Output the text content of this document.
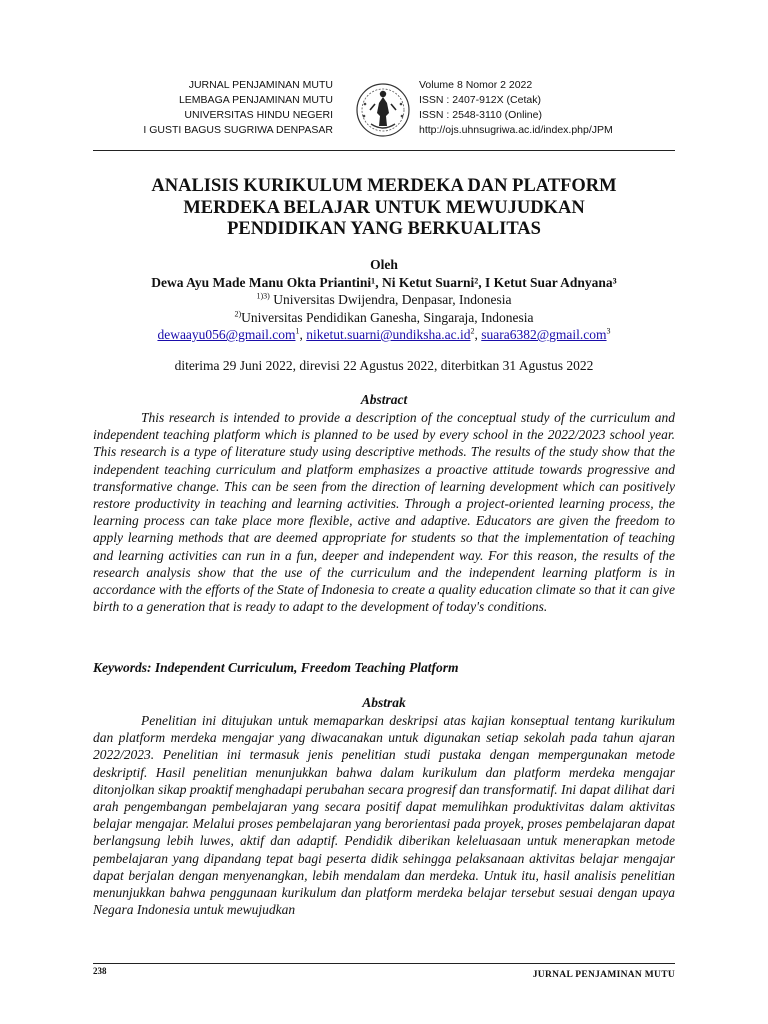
JURNAL PENJAMINAN MUTU
LEMBAGA PENJAMINAN MUTU
UNIVERSITAS HINDU NEGERI
I GUSTI BAGUS SUGRIWA DENPASAR
Volume 8 Nomor 2 2022
ISSN : 2407-912X (Cetak)
ISSN : 2548-3110 (Online)
http://ojs.uhnsugriwa.ac.id/index.php/JPM
ANALISIS KURIKULUM MERDEKA DAN PLATFORM
MERDEKA BELAJAR UNTUK MEWUJUDKAN
PENDIDIKAN YANG BERKUALITAS
Oleh
Dewa Ayu Made Manu Okta Priantini¹, Ni Ketut Suarni², I Ketut Suar Adnyana³
$^{1)3)}$ Universitas Dwijendra, Denpasar, Indonesia
$^{2)}$Universitas Pendidikan Ganesha, Singaraja, Indonesia
dewaayu056@gmail.com$^1$, $niketut.suarni@undiksha.ac.id^2$, suara6382@gmail.com$^3$
diterima 29 Juni 2022, direvisi 22 Agustus 2022, diterbitkan 31 Agustus 2022
Abstract
This research is intended to provide a description of the conceptual study of the curriculum and independent teaching platform which is planned to be used by every school in the 2022/2023 school year. This research is a type of literature study using descriptive methods. The results of the study show that the independent teaching curriculum and platform emphasizes a proactive attitude towards progressive and transformative change. This can be seen from the direction of learning development which can positively restore productivity in teaching and learning activities. Through a project-oriented learning process, the learning process can take place more flexible, active and adaptive. Educators are given the freedom to apply learning methods that are deemed appropriate for students so that the implementation of teaching and learning activities can run in a fun, deeper and independent way. For this reason, the results of the research analysis show that the use of the curriculum and the independent learning platform is in accordance with the efforts of the State of Indonesia to create a quality education climate so that it can give birth to a generation that is ready to adapt to the development of today's conditions.
Keywords: Independent Curriculum, Freedom Teaching Platform
Abstrak
Penelitian ini ditujukan untuk memaparkan deskripsi atas kajian konseptual tentang kurikulum dan platform merdeka mengajar yang diwacanakan untuk digunakan setiap sekolah pada tahun ajaran 2022/2023. Penelitian ini termasuk jenis penelitian studi pustaka dengan mempergunakan metode deskriptif. Hasil penelitian menunjukkan bahwa dalam kurikulum dan platform merdeka mengajar ditonjolkan sikap proaktif menghadapi perubahan secara progresif dan transformatif. Ini dapat dilihat dari arah pengembangan pembelajaran yang secara positif dapat memulihkan produktivitas dalam aktivitas belajar mengajar. Melalui proses pembelajaran yang berorientasi pada proyek, proses pembelajaran dapat berlangsung lebih luwes, aktif dan adaptif. Pendidik diberikan keleluasaan untuk menerapkan metode pembelajaran yang dipandang tepat bagi peserta didik sehingga pelaksanaan aktivitas belajar mengajar dapat berjalan dengan menyenangkan, lebih mendalam dan merdeka. Untuk itu, hasil analisis penelitian menunjukkan bahwa penggunaan kurikulum dan platform merdeka belajar tersebut sesuai dengan upaya Negara Indonesia untuk mewujudkan
238	JURNAL PENJAMINAN MUTU
